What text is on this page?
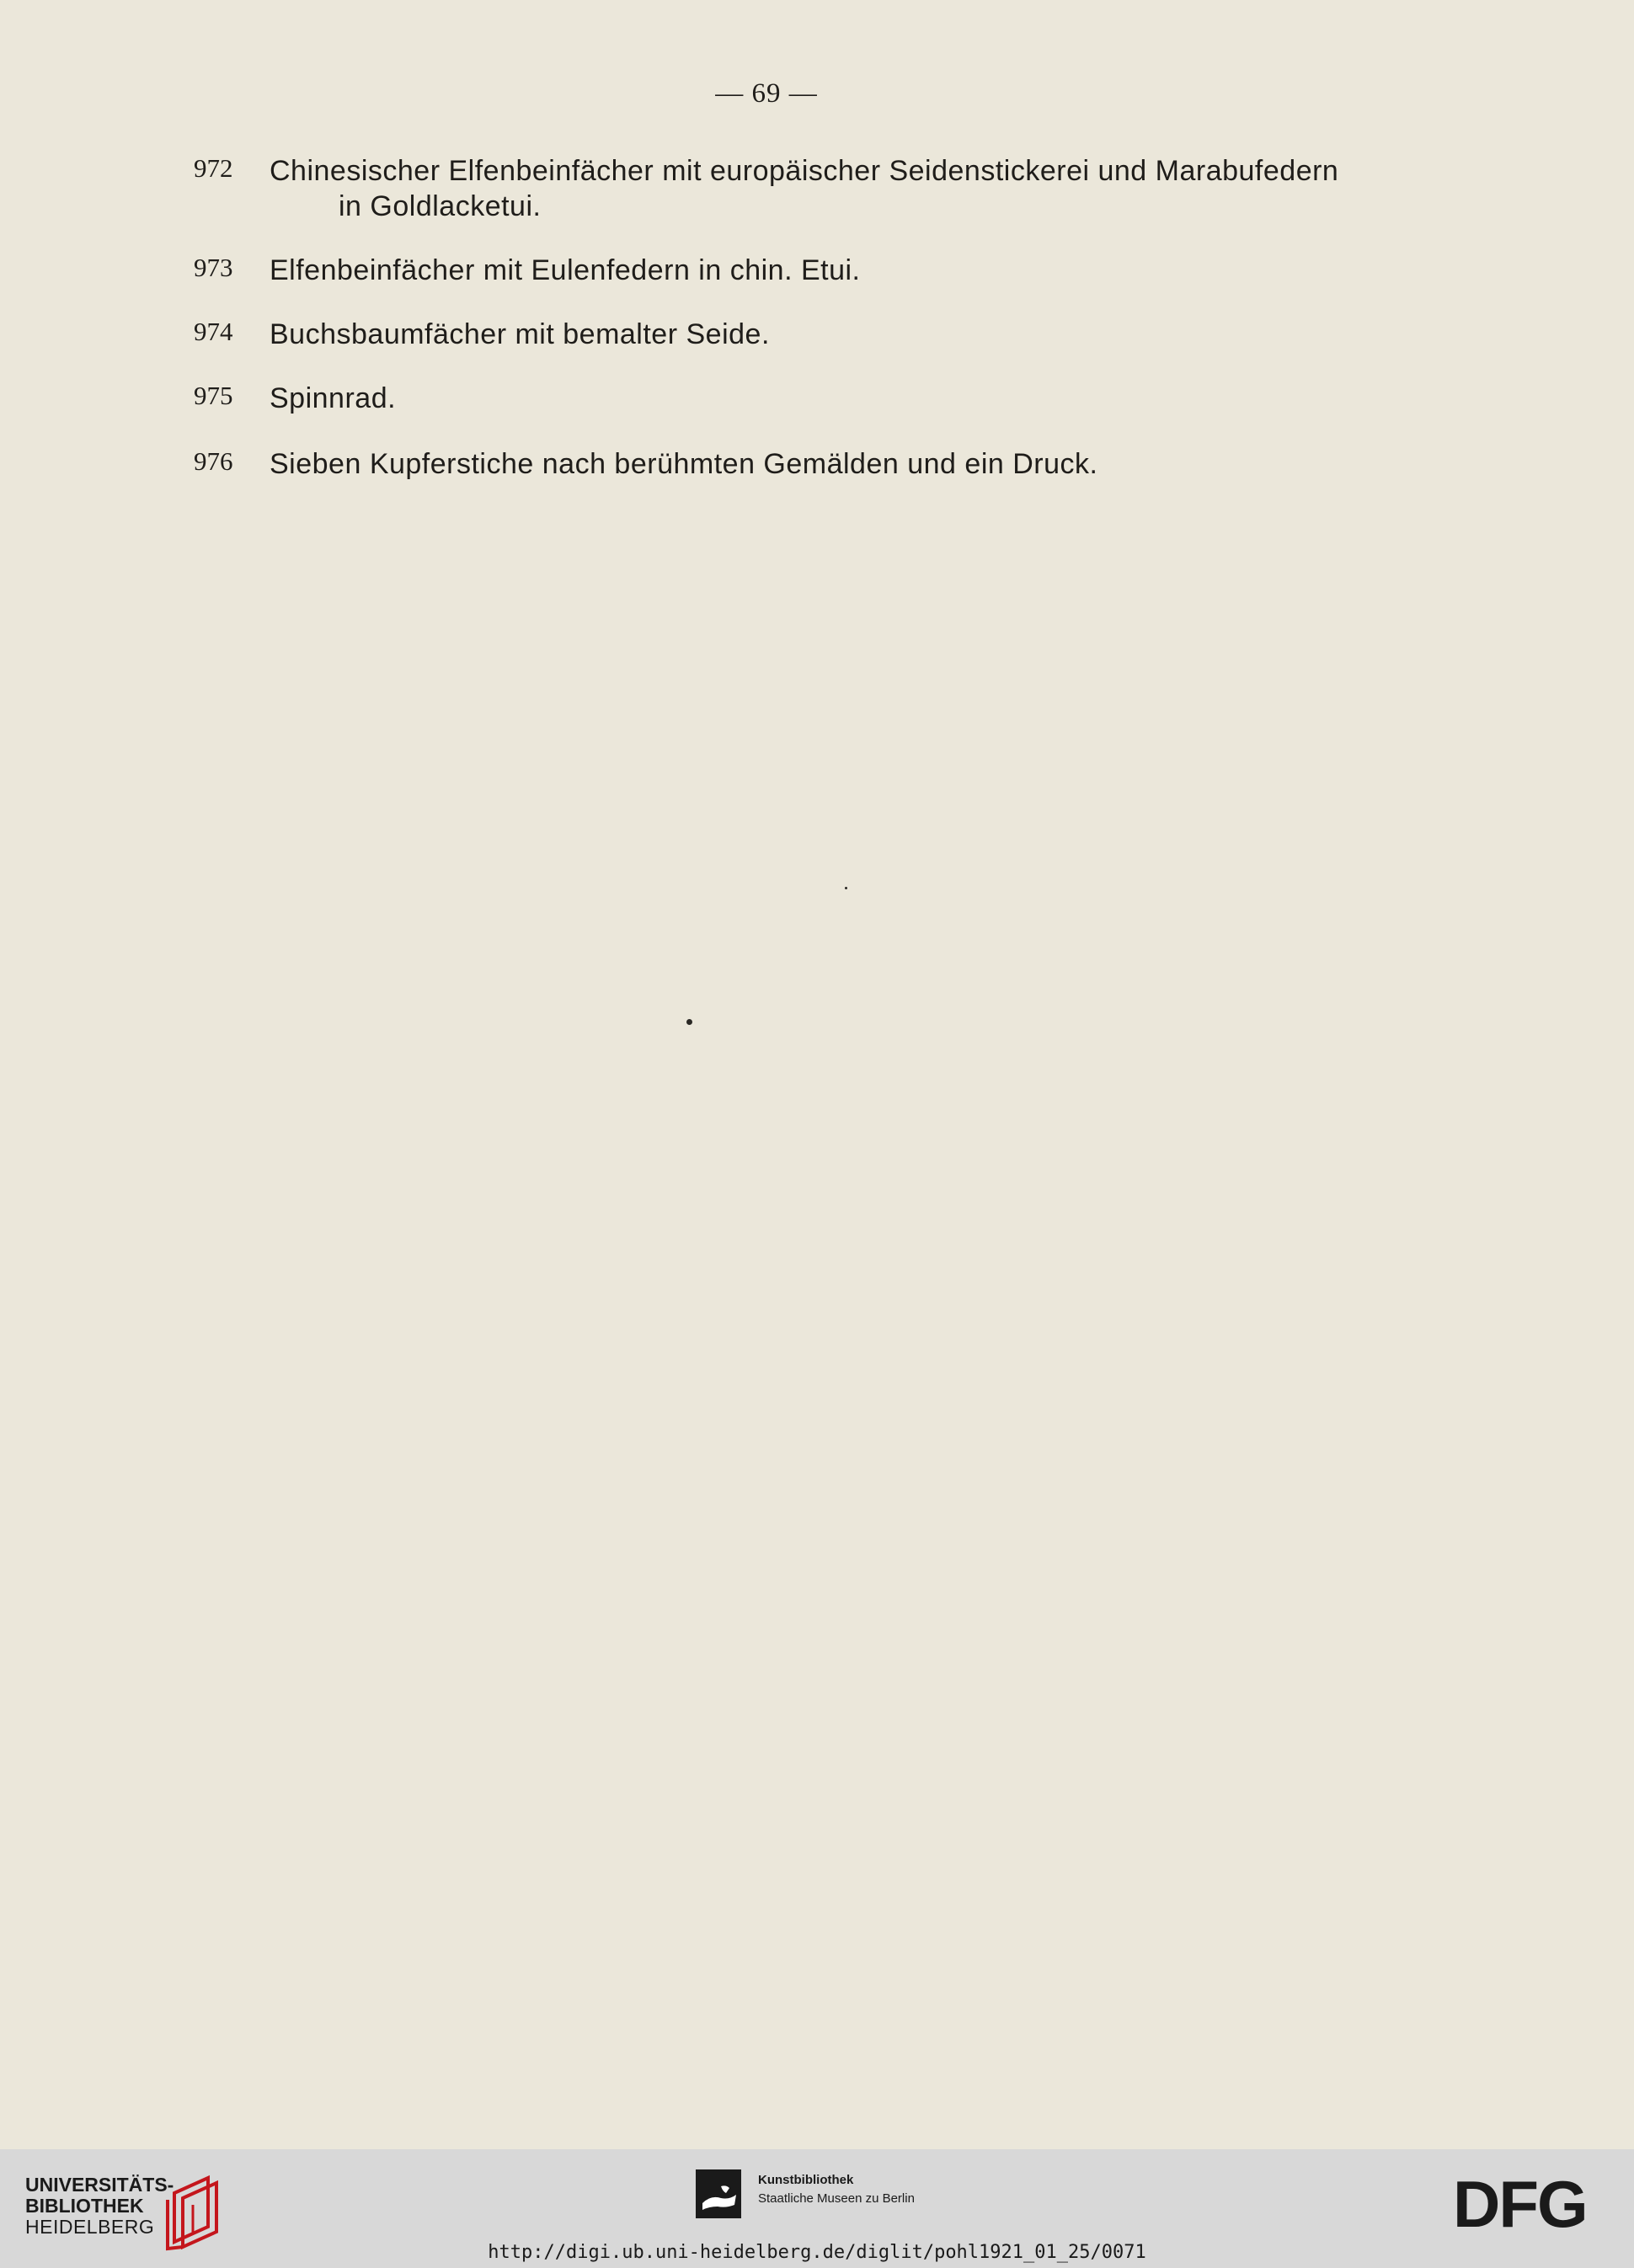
— 69 —
972	Chinesischer Elfenbeinfächer mit europäischer Seidenstickerei und Marabufedern
in Goldlacketui.
973	Elfenbeinfächer mit Eulenfedern in chin. Etui.
974	Buchsbaumfächer mit bemalter Seide.
975	Spinnrad.
976	Sieben Kupferstiche nach berühmten Gemälden und ein Druck.
UNIVERSITÄTS-
BIBLIOTHEK
HEIDELBERG
Kunstbibliothek
Staatliche Museen zu Berlin	DFG
http://digi.ub.uni-heidelberg.de/diglit/pohl1921_01_25/0071
